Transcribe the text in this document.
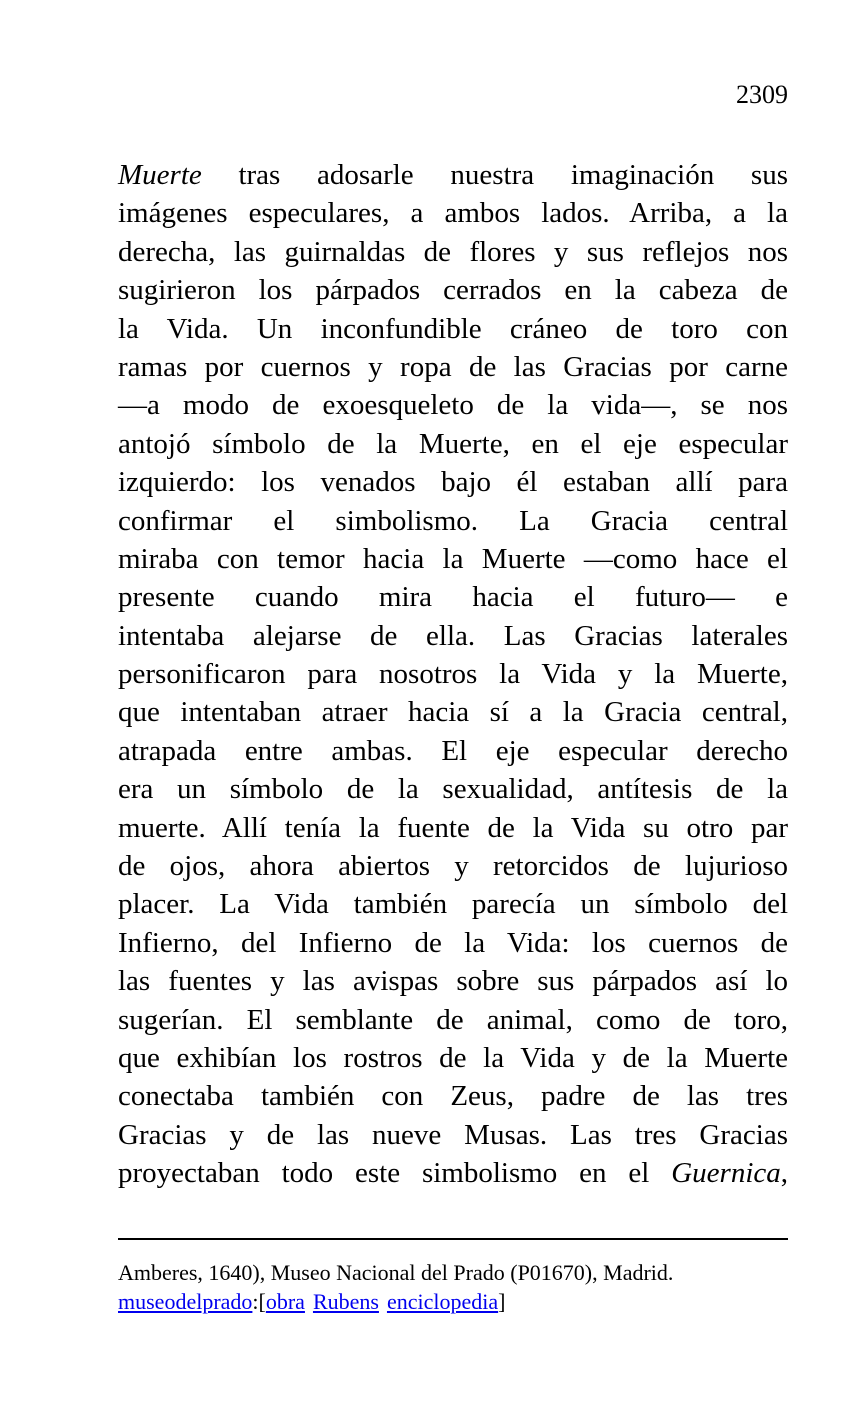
2309
Muerte tras adosarle nuestra imaginación sus
imágenes especulares, a ambos lados. Arriba, a la
derecha, las guirnaldas de flores y sus reflejos nos
sugirieron los párpados cerrados en la cabeza de
la Vida. Un inconfundible cráneo de toro con
ramas por cuernos y ropa de las Gracias por carne
—a modo de exoesqueleto de la vida—, se nos
antojó símbolo de la Muerte, en el eje especular
izquierdo: los venados bajo él estaban allí para
confirmar el simbolismo. La Gracia central
miraba con temor hacia la Muerte —como hace el
presente cuando mira hacia el futuro— e
intentaba alejarse de ella. Las Gracias laterales
personificaron para nosotros la Vida y la Muerte,
que intentaban atraer hacia sí a la Gracia central,
atrapada entre ambas. El eje especular derecho
era un símbolo de la sexualidad, antítesis de la
muerte. Allí tenía la fuente de la Vida su otro par
de ojos, ahora abiertos y retorcidos de lujurioso
placer. La Vida también parecía un símbolo del
Infierno, del Infierno de la Vida: los cuernos de
las fuentes y las avispas sobre sus párpados así lo
sugerían. El semblante de animal, como de toro,
que exhibían los rostros de la Vida y de la Muerte
conectaba también con Zeus, padre de las tres
Gracias y de las nueve Musas. Las tres Gracias
proyectaban todo este simbolismo en el Guernica,
Amberes, 1640), Museo Nacional del Prado (P01670), Madrid.
museodelprado:[obra Rubens enciclopedia]
